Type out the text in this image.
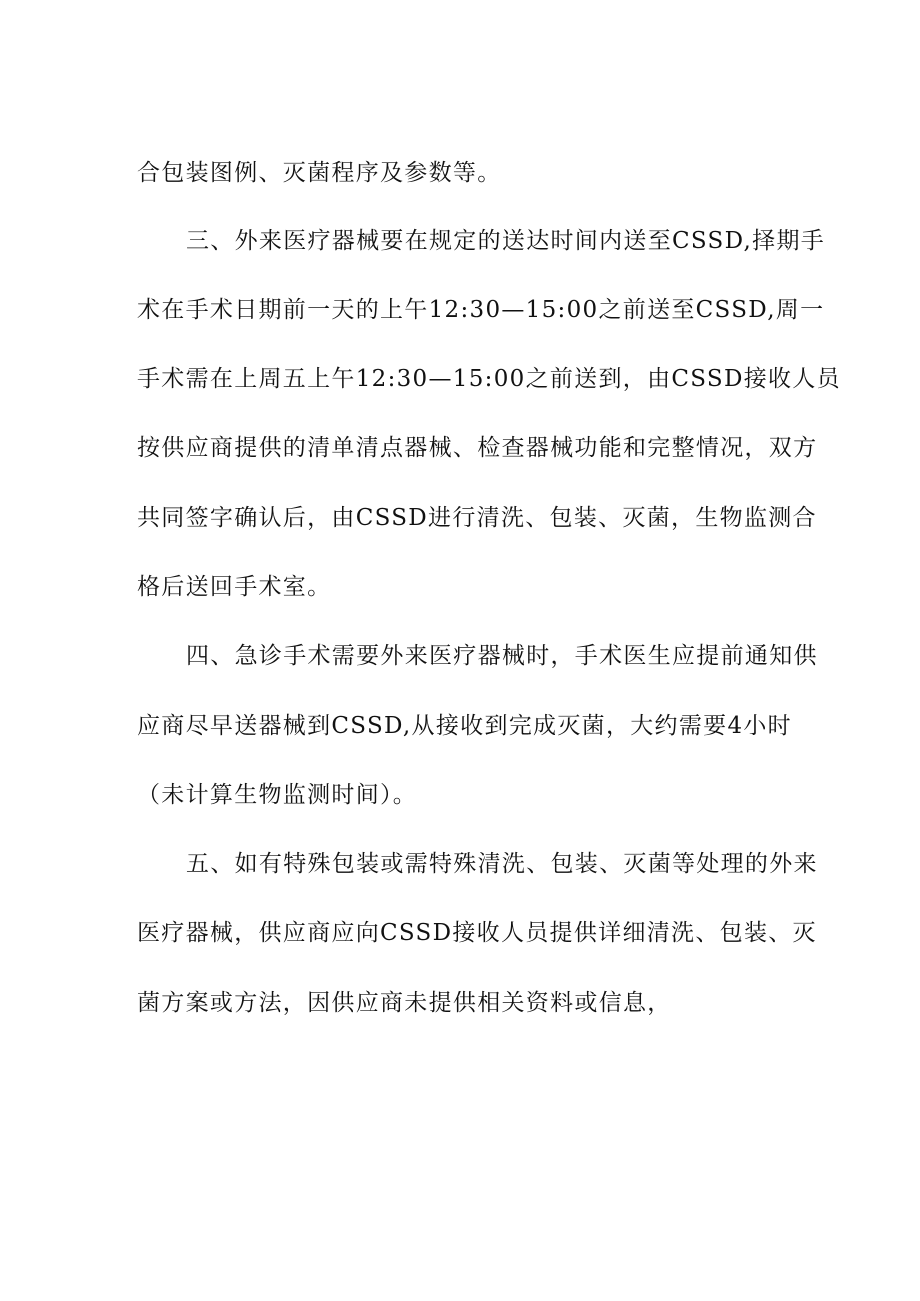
合包装图例、灭菌程序及参数等。
三、外来医疗器械要在规定的送达时间内送至CSSD,择期手
术在手术日期前一天的上午12:30—15:00之前送至CSSD,周一
手术需在上周五上午12:30—15:00之前送到，由CSSD接收人员
按供应商提供的清单清点器械、检查器械功能和完整情况，双方
共同签字确认后，由CSSD进行清洗、包装、灭菌，生物监测合
格后送回手术室。
四、急诊手术需要外来医疗器械时，手术医生应提前通知供
应商尽早送器械到CSSD,从接收到完成灭菌，大约需要4小时
（未计算生物监测时间）。
五、如有特殊包装或需特殊清洗、包装、灭菌等处理的外来
医疗器械，供应商应向CSSD接收人员提供详细清洗、包装、灭
菌方案或方法，因供应商未提供相关资料或信息，
